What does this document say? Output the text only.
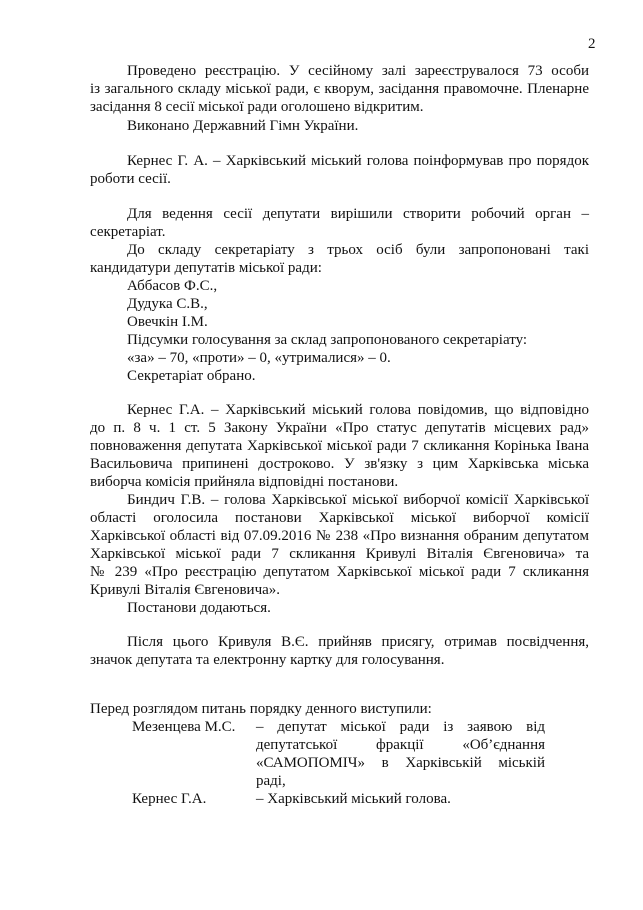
2
Проведено реєстрацію. У сесійному залі зареєструвалося 73 особи
із загального складу міської ради, є кворум, засідання правомочне. Пленарне
засідання 8 сесії міської ради оголошено відкритим.
Виконано Державний Гімн України.
Кернес Г. А. – Харківський міський голова поінформував про порядок
роботи сесії.
Для ведення сесії депутати вирішили створити робочий орган –
секретаріат.
До складу секретаріату з трьох осіб були запропоновані такі
кандидатури депутатів міської ради:
Аббасов Ф.С.,
Дудука С.В.,
Овечкін І.М.
Підсумки голосування за склад запропонованого секретаріату:
«за» – 70, «проти» – 0, «утрималися» – 0.
Секретаріат обрано.
Кернес Г.А. – Харківський міський голова повідомив, що відповідно
до п. 8 ч. 1 ст. 5 Закону України «Про статус депутатів місцевих рад»
повноваження депутата Харківської міської ради 7 скликання Корінька Івана
Васильовича припинені достроково. У зв'язку з цим Харківська міська
виборча комісія прийняла відповідні постанови.
Биндич Г.В. – голова Харківської міської виборчої комісії Харківської
області оголосила постанови Харківської міської виборчої комісії
Харківської області від 07.09.2016 № 238 «Про визнання обраним депутатом
Харківської міської ради 7 скликання Кривулі Віталія Євгеновича» та
№ 239 «Про реєстрацію депутатом Харківської міської ради 7 скликання
Кривулі Віталія Євгеновича».
Постанови додаються.
Після цього Кривуля В.Є. прийняв присягу, отримав посвідчення,
значок депутата та електронну картку для голосування.
Перед розглядом питань порядку денного виступили:
Мезенцева М.С. – депутат міської ради із заявою від
депутатської фракції «Об’єднання
«САМОПОМІЧ» в Харківській міській
раді,
Кернес Г.А.	– Харківський міський голова.
